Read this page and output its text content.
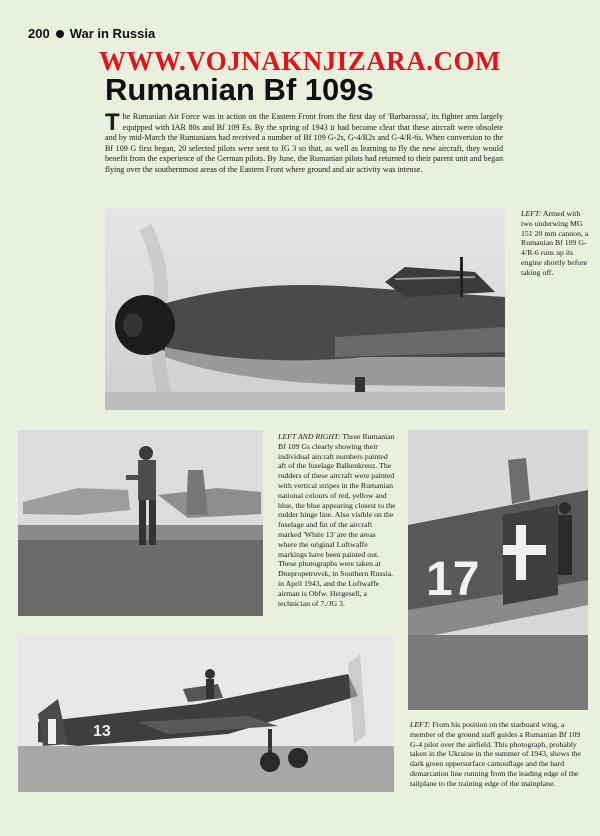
200 War in Russia
WWW.VOJNAKNJIZARA.COM
Rumanian Bf 109s
The Rumanian Air Force was in action on the Eastern Front from the first day of 'Barbarossa', its fighter arm largely equipped with IAR 80s and Bf 109 Es. By the spring of 1943 it had become clear that these aircraft were obsolete and by mid-March the Rumanians had received a number of Bf 109 G-2s, G-4/R2s and G-4/R-6s. When conversion to the Bf 109 G first began, 20 selected pilots were sent to JG 3 so that, as well as learning to fly the new aircraft, they would benefit from the experience of the German pilots. By June, the Rumanian pilots had returned to their parent unit and began flying over the southernmost areas of the Eastern Front where ground and air activity was intense.
LEFT: Armed with two underwing MG 151 20 mm cannon, a Rumanian Bf 109 G-4/R-6 runs up its engine shortly before taking off.
LEFT AND RIGHT: Three Rumanian Bf 109 Gs clearly showing their individual aircraft numbers painted aft of the fuselage Balkenkreuz. The rudders of these aircraft were painted with vertical stripes in the Rumanian national colours of red, yellow and blue, the blue appearing closest to the rudder hinge line. Also visible on the fuselage and fin of the aircraft marked 'White 13' are the areas where the original Luftwaffe markings have been painted out. These photographs were taken at Dnepropetrovsk, in Southern Russia, in April 1943, and the Luftwaffe airman is Obfw. Hergesell, a technician of 7./JG 3.	17
13	LEFT: From his position on the starboard wing, a member of the ground staff guides a Rumanian Bf 109 G-4 pilot over the airfield. This photograph, probably taken in the Ukraine in the summer of 1943, shows the dark green uppersurface camouflage and the hard demarcation line running from the leading edge of the tailplane to the training edge of the mainplane.
